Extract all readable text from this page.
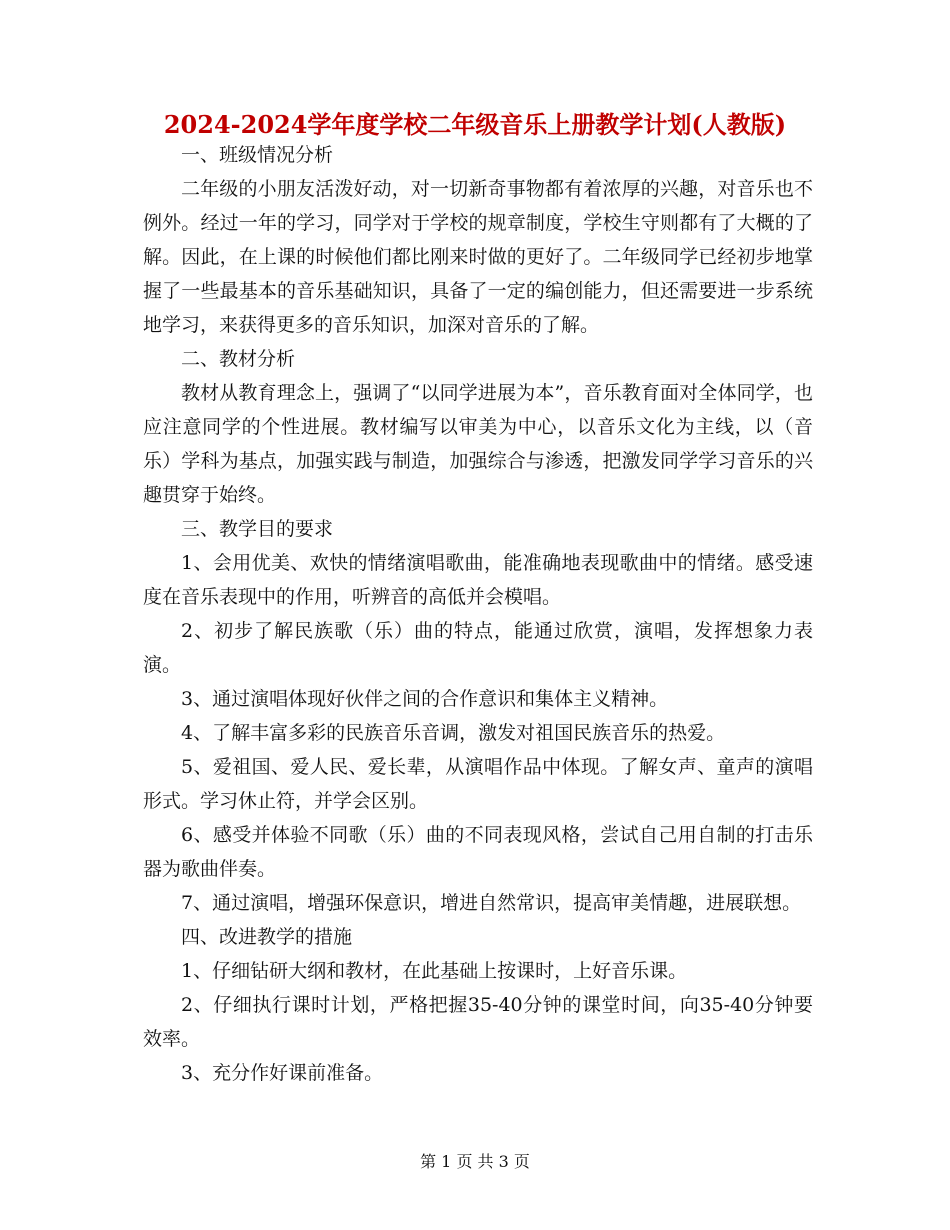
2024-2024学年度学校二年级音乐上册教学计划(人教版)

一、班级情况分析

二年级的小朋友活泼好动，对一切新奇事物都有着浓厚的兴趣，对音乐也不例外。经过一年的学习，同学对于学校的规章制度，学校生守则都有了大概的了解。因此，在上课的时候他们都比刚来时做的更好了。二年级同学已经初步地掌握了一些最基本的音乐基础知识，具备了一定的编创能力，但还需要进一步系统地学习，来获得更多的音乐知识，加深对音乐的了解。

二、教材分析

教材从教育理念上，强调了“以同学进展为本”，音乐教育面对全体同学，也应注意同学的个性进展。教材编写以审美为中心，以音乐文化为主线，以（音乐）学科为基点，加强实践与制造，加强综合与渗透，把激发同学学习音乐的兴趣贯穿于始终。

三、教学目的要求

1、会用优美、欢快的情绪演唱歌曲，能准确地表现歌曲中的情绪。感受速度在音乐表现中的作用，听辨音的高低并会模唱。

2、初步了解民族歌（乐）曲的特点，能通过欣赏，演唱，发挥想象力表演。

3、通过演唱体现好伙伴之间的合作意识和集体主义精神。

4、了解丰富多彩的民族音乐音调，激发对祖国民族音乐的热爱。

5、爱祖国、爱人民、爱长辈，从演唱作品中体现。了解女声、童声的演唱形式。学习休止符，并学会区别。

6、感受并体验不同歌（乐）曲的不同表现风格，尝试自己用自制的打击乐器为歌曲伴奏。

7、通过演唱，增强环保意识，增进自然常识，提高审美情趣，进展联想。

四、改进教学的措施

1、仔细钻研大纲和教材，在此基础上按课时，上好音乐课。

2、仔细执行课时计划，严格把握35-40分钟的课堂时间，向35-40分钟要效率。

3、充分作好课前准备。

第 1 页 共 3 页
